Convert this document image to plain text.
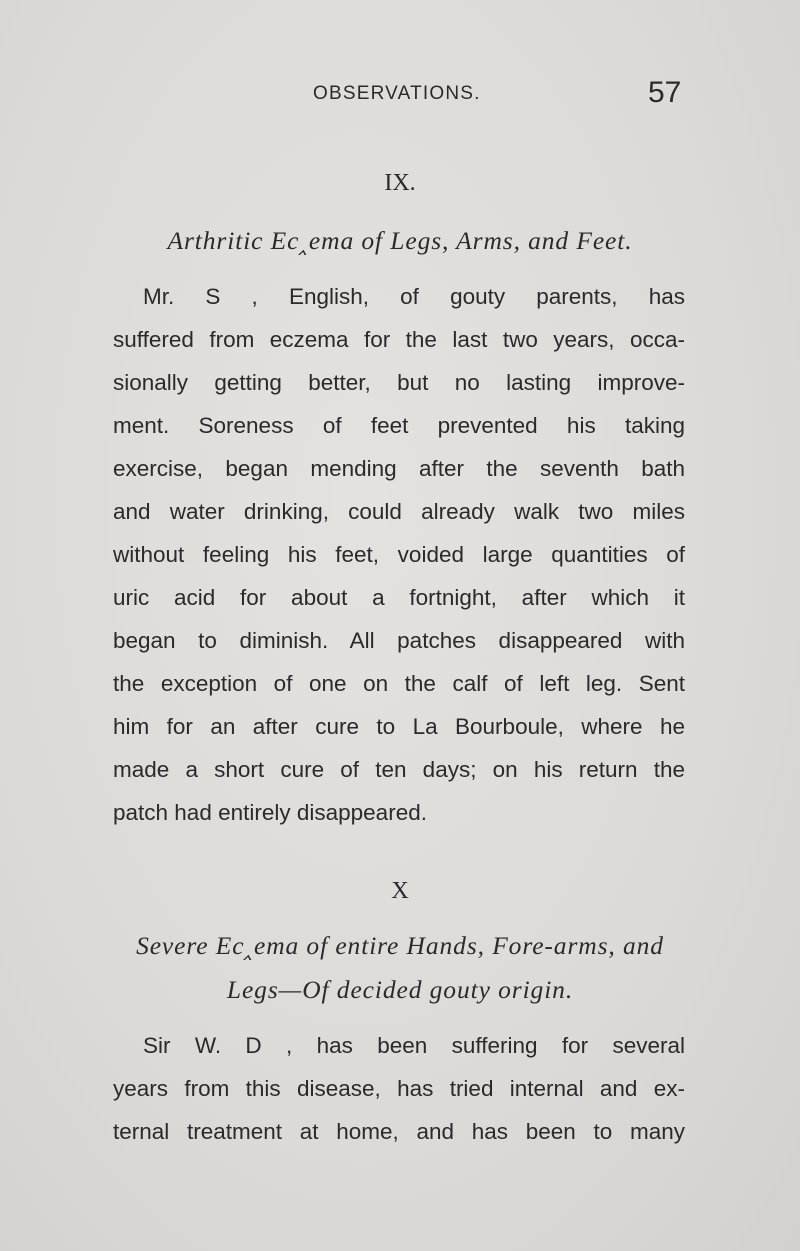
OBSERVATIONS.	57
IX.
Arthritic Ec‸ema of Legs, Arms, and Feet.
Mr. S , English, of gouty parents, has
suffered from eczema for the last two years, occa-
sionally getting better, but no lasting improve-
ment. Soreness of feet prevented his taking
exercise, began mending after the seventh bath
and water drinking, could already walk two miles
without feeling his feet, voided large quantities of
uric acid for about a fortnight, after which it
began to diminish. All patches disappeared with
the exception of one on the calf of left leg. Sent
him for an after cure to La Bourboule, where he
made a short cure of ten days; on his return the
patch had entirely disappeared.
X
Severe Ec‸ema of entire Hands, Fore-arms, and
Legs—Of decided gouty origin.
Sir W. D , has been suffering for several
years from this disease, has tried internal and ex-
ternal treatment at home, and has been to many
